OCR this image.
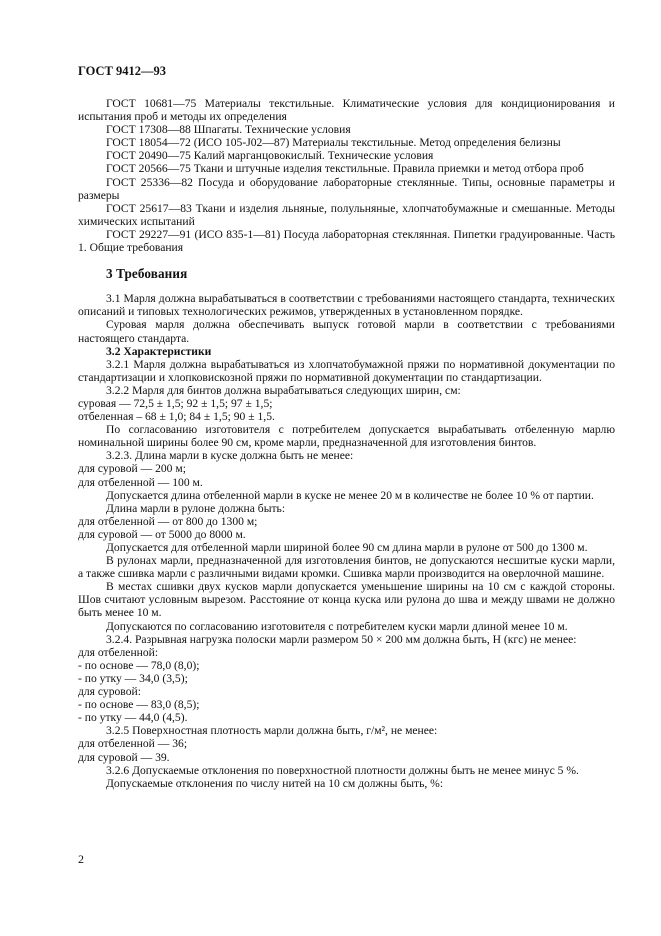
ГОСТ 9412—93

ГОСТ 10681—75 Материалы текстильные. Климатические условия для кондиционирования и испытания проб и методы их определения

ГОСТ 17308—88 Шпагаты. Технические условия

ГОСТ 18054—72 (ИСО 105-J02—87) Материалы текстильные. Метод определения белизны

ГОСТ 20490—75 Калий марганцовокислый. Технические условия

ГОСТ 20566—75 Ткани и штучные изделия текстильные. Правила приемки и метод отбора проб

ГОСТ 25336—82 Посуда и оборудование лабораторные стеклянные. Типы, основные параметры и размеры

ГОСТ 25617—83 Ткани и изделия льняные, полульняные, хлопчатобумажные и смешанные. Методы химических испытаний

ГОСТ 29227—91 (ИСО 835-1—81) Посуда лабораторная стеклянная. Пипетки градуированные. Часть 1. Общие требования

3 Требования

3.1 Марля должна вырабатываться в соответствии с требованиями настоящего стандарта, технических описаний и типовых технологических режимов, утвержденных в установленном порядке.

Суровая марля должна обеспечивать выпуск готовой марли в соответствии с требованиями настоящего стандарта.

3.2 Характеристики

3.2.1 Марля должна вырабатываться из хлопчатобумажной пряжи по нормативной документации по стандартизации и хлопковискозной пряжи по нормативной документации по стандартизации.

3.2.2 Марля для бинтов должна вырабатываться следующих ширин, см:

суровая — 72,5 ± 1,5; 92 ± 1,5; 97 ± 1,5;

отбеленная – 68 ± 1,0; 84 ± 1,5; 90 ± 1,5.

По согласованию изготовителя с потребителем допускается вырабатывать отбеленную марлю номинальной ширины более 90 см, кроме марли, предназначенной для изготовления бинтов.

3.2.3. Длина марли в куске должна быть не менее:

для суровой — 200 м;

для отбеленной — 100 м.

Допускается длина отбеленной марли в куске не менее 20 м в количестве не более 10 % от партии.

Длина марли в рулоне должна быть:

для отбеленной — от 800 до 1300 м;

для суровой — от 5000 до 8000 м.

Допускается для отбеленной марли шириной более 90 см длина марли в рулоне от 500 до 1300 м.

В рулонах марли, предназначенной для изготовления бинтов, не допускаются несшитые куски марли, а также сшивка марли с различными видами кромки. Сшивка марли производится на оверлочной машине.

В местах сшивки двух кусков марли допускается уменьшение ширины на 10 см с каждой стороны. Шов считают условным вырезом. Расстояние от конца куска или рулона до шва и между швами не должно быть менее 10 м.

Допускаются по согласованию изготовителя с потребителем куски марли длиной менее 10 м.

3.2.4. Разрывная нагрузка полоски марли размером 50 × 200 мм должна быть, Н (кгс) не менее:

для отбеленной:

- по основе — 78,0 (8,0);

- по утку — 34,0 (3,5);

для суровой:

- по основе — 83,0 (8,5);

- по утку — 44,0 (4,5).

3.2.5 Поверхностная плотность марли должна быть, г/м², не менее:

для отбеленной — 36;

для суровой — 39.

3.2.6 Допускаемые отклонения по поверхностной плотности должны быть не менее минус 5 %.

Допускаемые отклонения по числу нитей на 10 см должны быть, %:

2
